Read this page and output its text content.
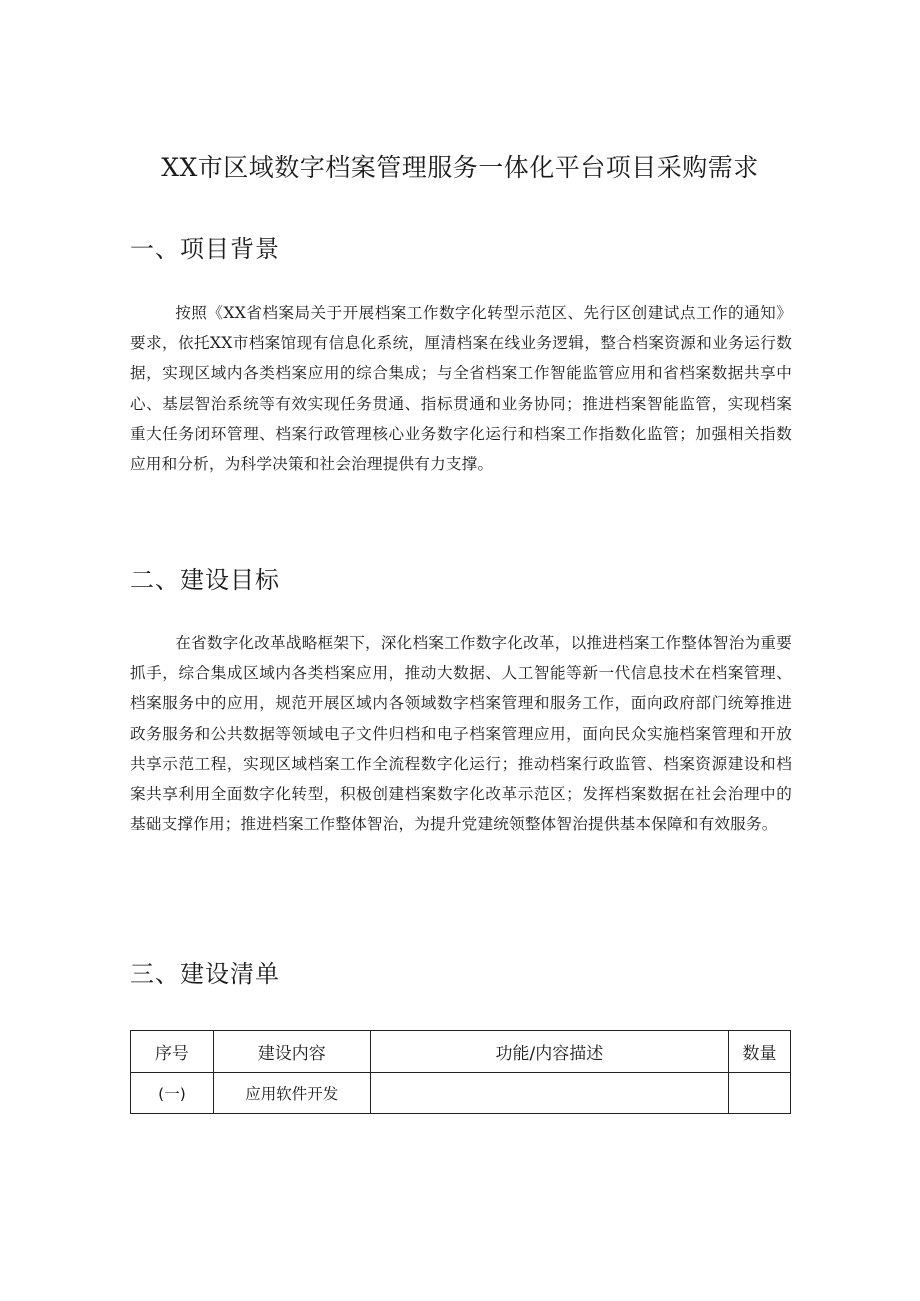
XX市区域数字档案管理服务一体化平台项目采购需求
一、项目背景

按照《XX省档案局关于开展档案工作数字化转型示范区、先行区创建试点工作的通知》要求，依托XX市档案馆现有信息化系统，厘清档案在线业务逻辑，整合档案资源和业务运行数据，实现区域内各类档案应用的综合集成；与全省档案工作智能监管应用和省档案数据共享中心、基层智治系统等有效实现任务贯通、指标贯通和业务协同；推进档案智能监管，实现档案重大任务闭环管理、档案行政管理核心业务数字化运行和档案工作指数化监管；加强相关指数应用和分析，为科学决策和社会治理提供有力支撑。

二、建设目标

在省数字化改革战略框架下，深化档案工作数字化改革，以推进档案工作整体智治为重要抓手，综合集成区域内各类档案应用，推动大数据、人工智能等新一代信息技术在档案管理、档案服务中的应用，规范开展区域内各领域数字档案管理和服务工作，面向政府部门统筹推进政务服务和公共数据等领域电子文件归档和电子档案管理应用，面向民众实施档案管理和开放共享示范工程，实现区域档案工作全流程数字化运行；推动档案行政监管、档案资源建设和档案共享利用全面数字化转型，积极创建档案数字化改革示范区；发挥档案数据在社会治理中的基础支撑作用；推进档案工作整体智治，为提升党建统领整体智治提供基本保障和有效服务。

三、建设清单
序号	建设内容	功能/内容描述	数量
(一)	应用软件开发		
